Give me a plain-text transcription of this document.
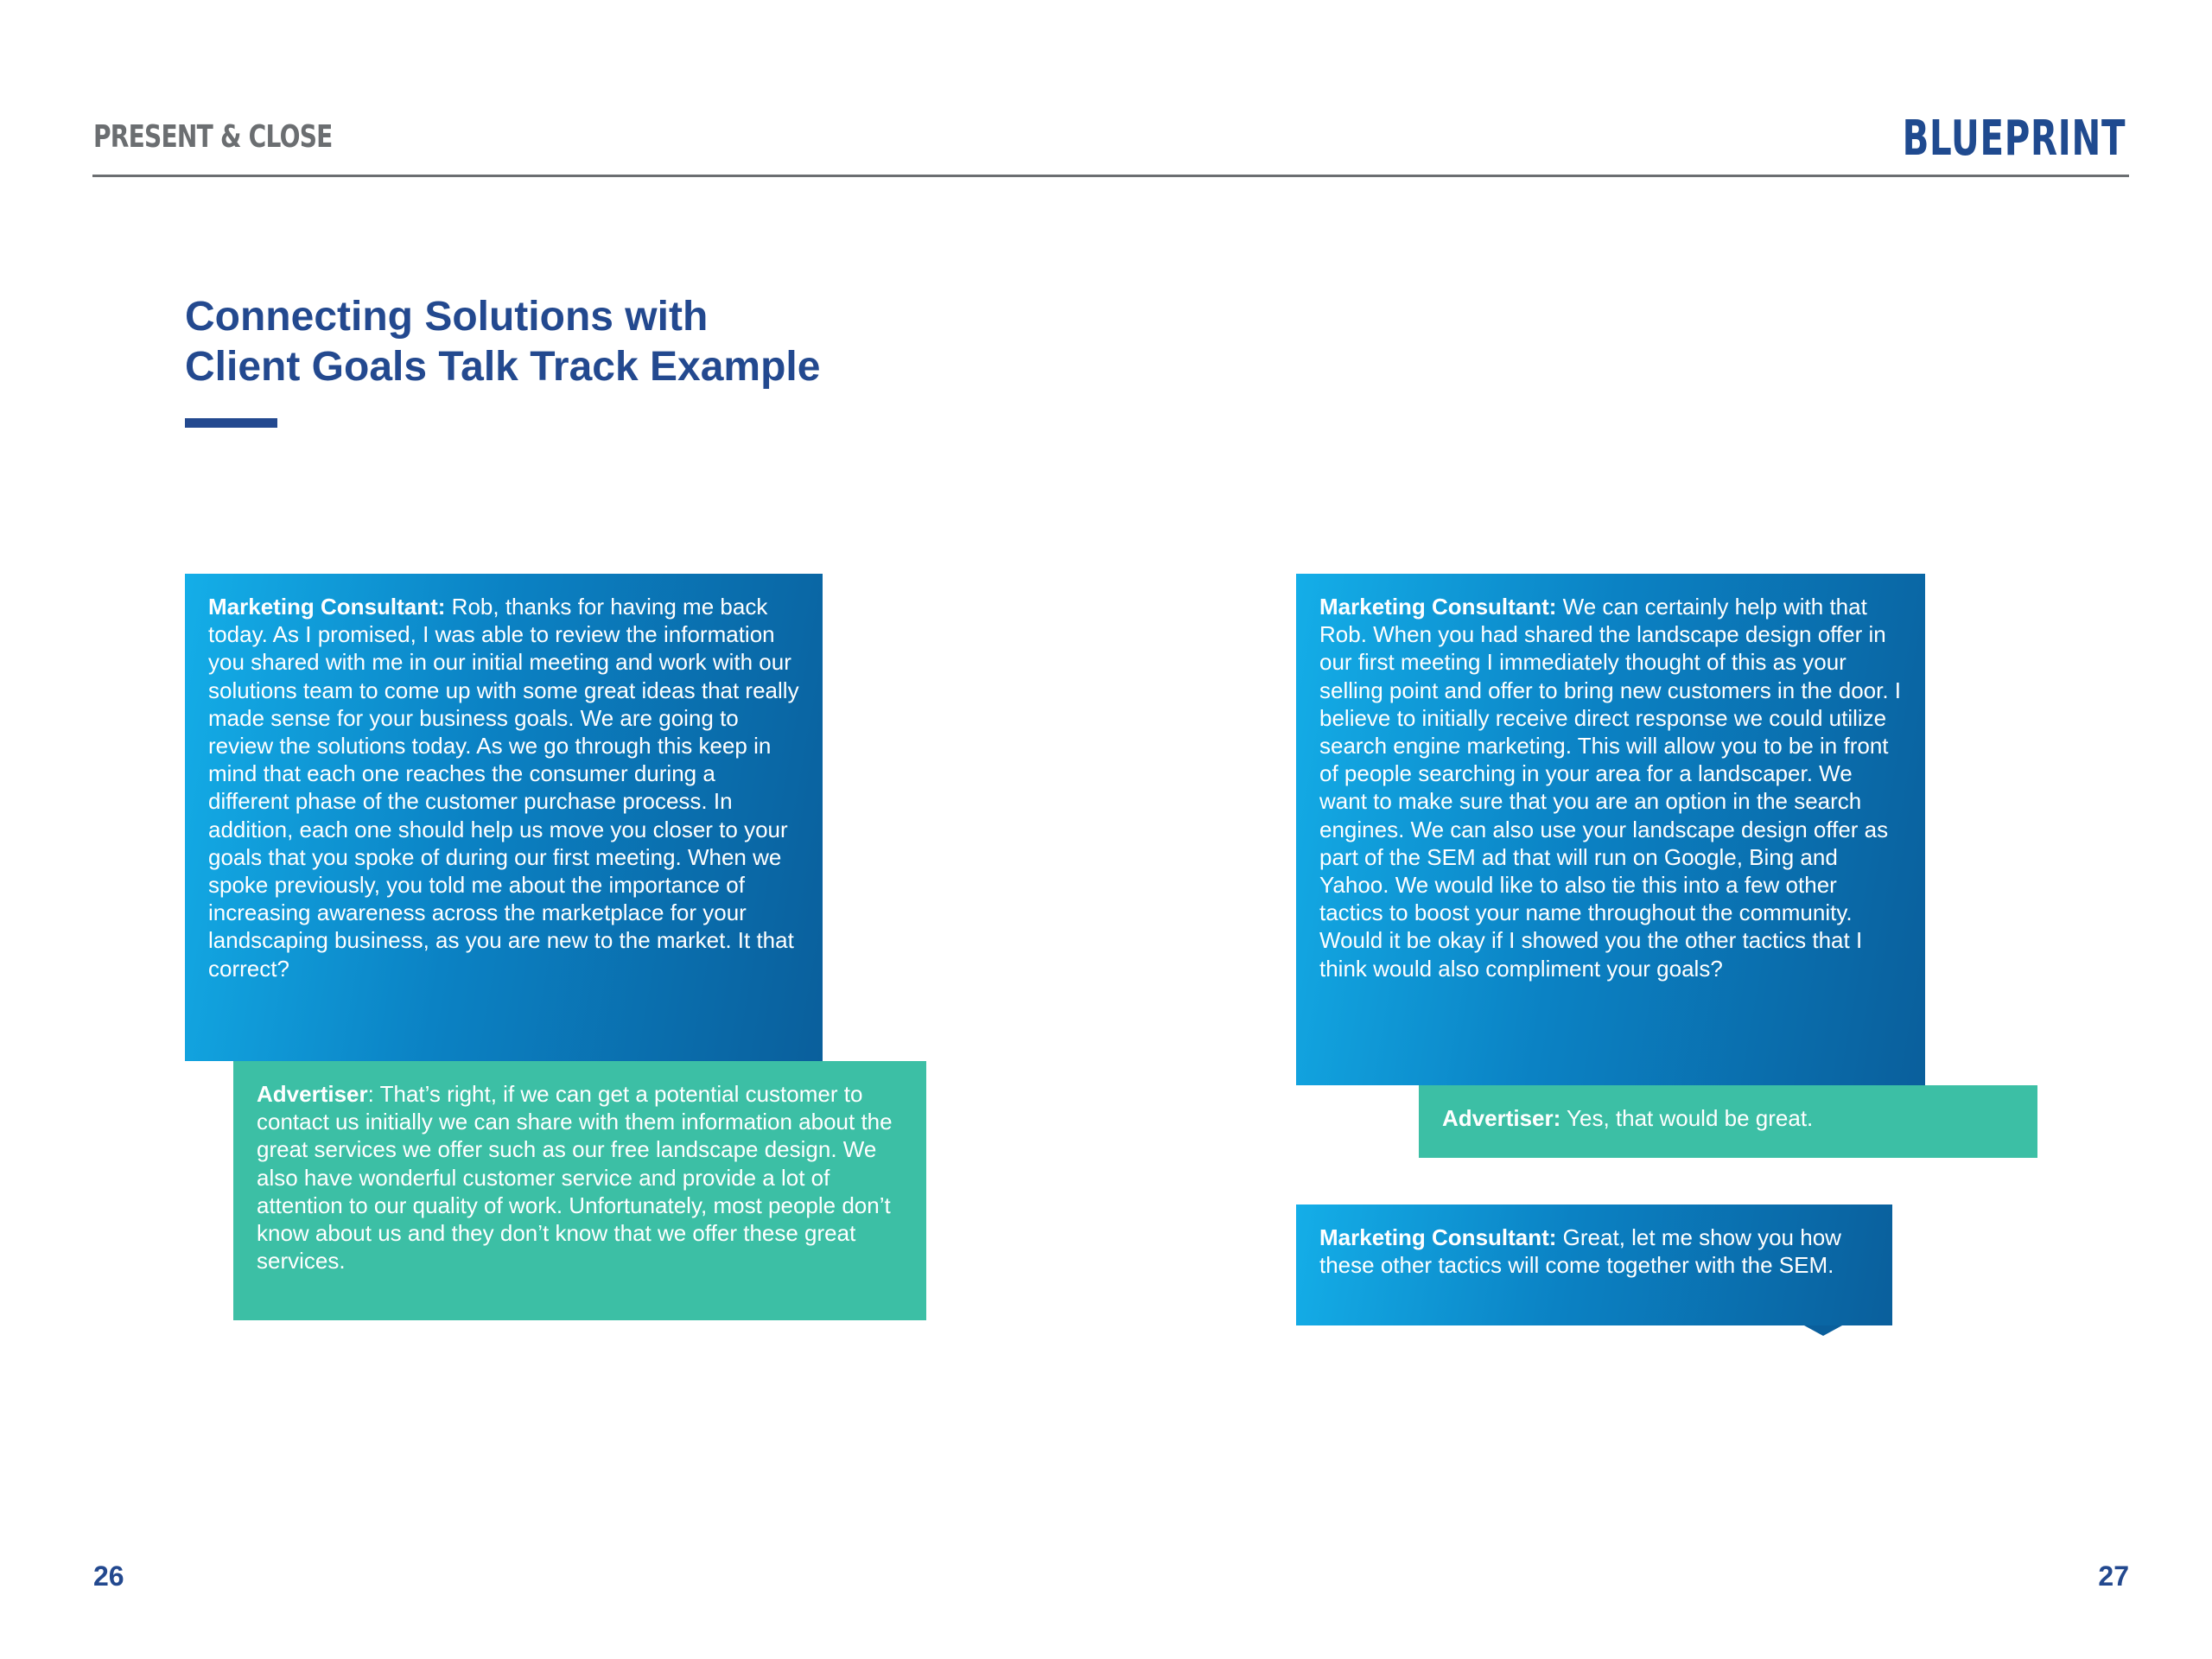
PRESENT & CLOSE	BLUEPRINT
Connecting Solutions with
Client Goals Talk Track Example
Marketing Consultant: Rob, thanks for having me back today. As I promised, I was able to review the information you shared with me in our initial meeting and work with our solutions team to come up with some great ideas that really made sense for your business goals. We are going to review the solutions today. As we go through this keep in mind that each one reaches the consumer during a different phase of the customer purchase process. In addition, each one should help us move you closer to your goals that you spoke of during our first meeting. When we spoke previously, you told me about the importance of increasing awareness across the marketplace for your landscaping business, as you are new to the market. It that correct?
Advertiser: That’s right, if we can get a potential customer to contact us initially we can share with them information about the great services we offer such as our free landscape design. We also have wonderful customer service and provide a lot of attention to our quality of work. Unfortunately, most people don’t know about us and they don’t know that we offer these great services.
Marketing Consultant: We can certainly help with that Rob. When you had shared the landscape design offer in our first meeting I immediately thought of this as your selling point and offer to bring new customers in the door. I believe to initially receive direct response we could utilize search engine marketing. This will allow you to be in front of people searching in your area for a landscaper. We want to make sure that you are an option in the search engines. We can also use your landscape design offer as part of the SEM ad that will run on Google, Bing and Yahoo. We would like to also tie this into a few other tactics to boost your name throughout the community. Would it be okay if I showed you the other tactics that I think would also compliment your goals?
Advertiser: Yes, that would be great.
Marketing Consultant: Great, let me show you how these other tactics will come together with the SEM.
26	27
